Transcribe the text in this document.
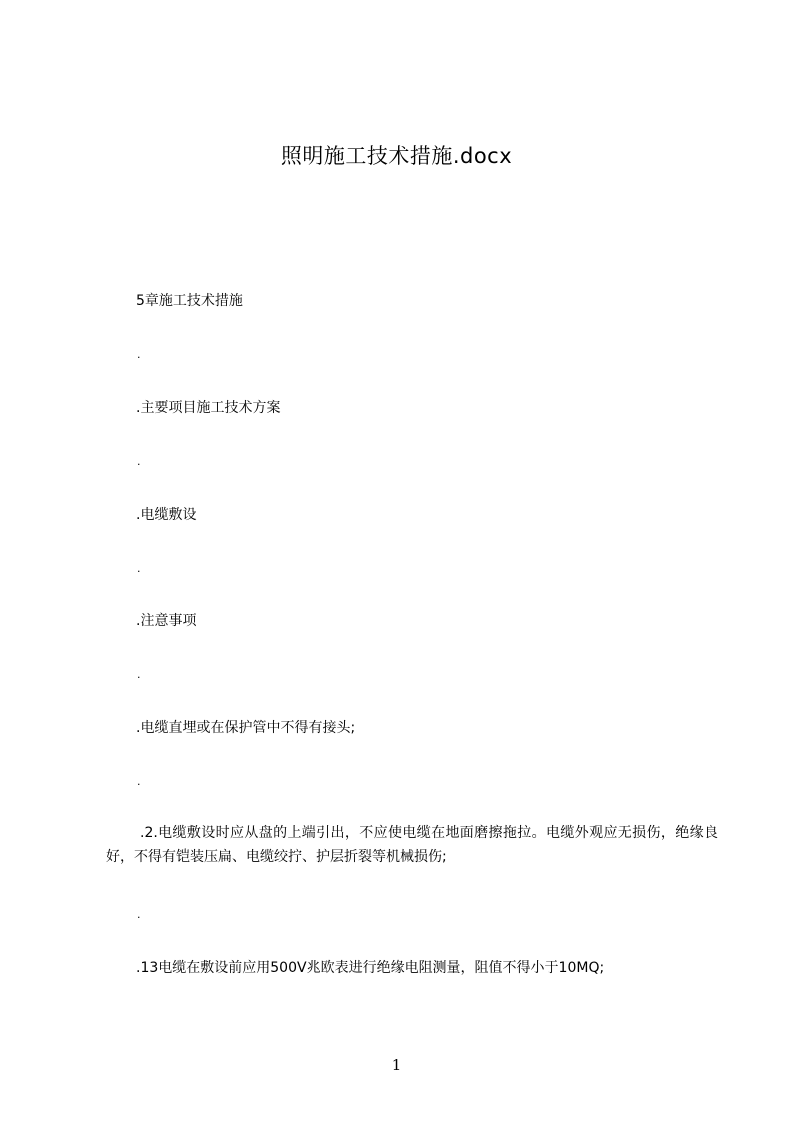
照明施工技术措施.docx
5章施工技术措施
.
.主要项目施工技术方案
.
.电缆敷设
.
.注意事项
.
.电缆直埋或在保护管中不得有接头;
.
.2.电缆敷设时应从盘的上端引出，不应使电缆在地面磨擦拖拉。电缆外观应无损伤，绝缘良好，不得有铠装压扁、电缆绞拧、护层折裂等机械损伤;
.
.13电缆在敷设前应用500V兆欧表进行绝缘电阻测量，阻值不得小于10MQ;
1
